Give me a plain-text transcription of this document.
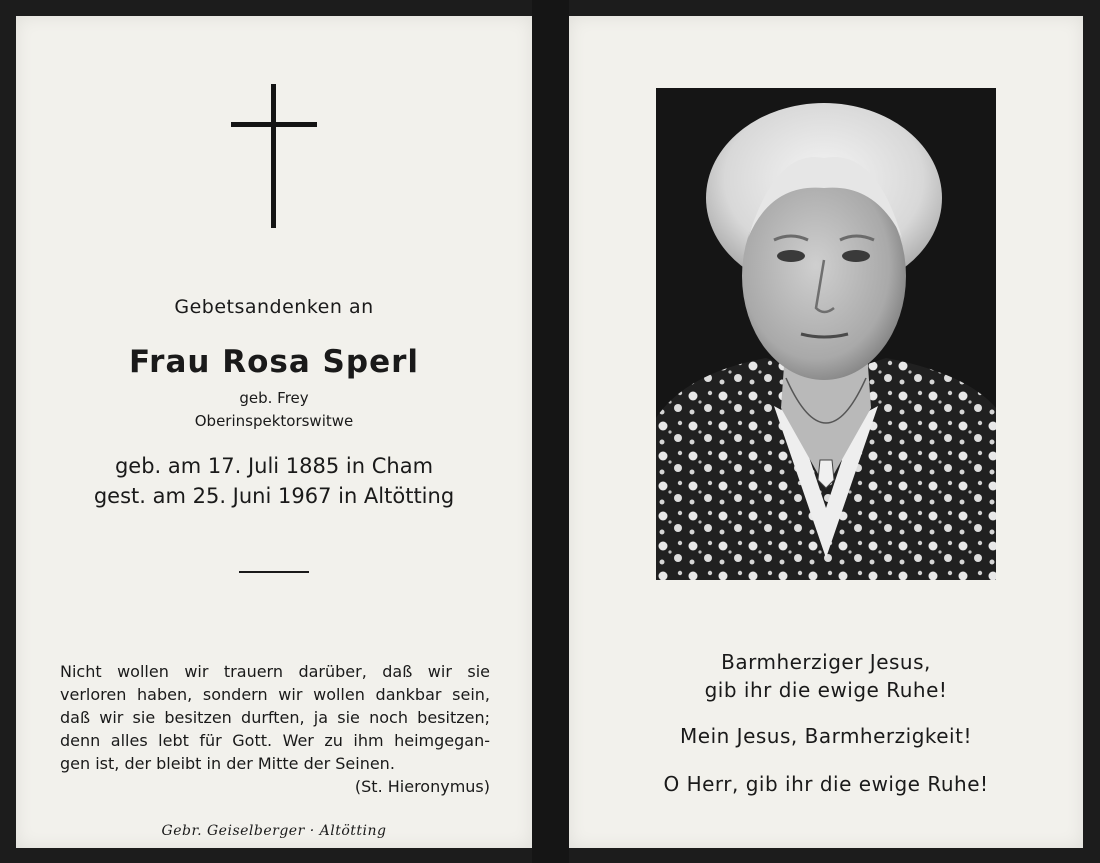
Gebetsandenken an
Frau Rosa Sperl
geb. Frey
Oberinspektorswitwe
geb. am 17. Juli 1885 in Cham
gest. am 25. Juni 1967 in Altötting
Nicht wollen wir trauern darüber, daß wir sie
verloren haben, sondern wir wollen dankbar sein,
daß wir sie besitzen durften, ja sie noch besitzen;
denn alles lebt für Gott. Wer zu ihm heimgegan-
gen ist, der bleibt in der Mitte der Seinen.
(St. Hieronymus)
Gebr. Geiselberger · Altötting
Barmherziger Jesus,
gib ihr die ewige Ruhe!
Mein Jesus, Barmherzigkeit!
O Herr, gib ihr die ewige Ruhe!
